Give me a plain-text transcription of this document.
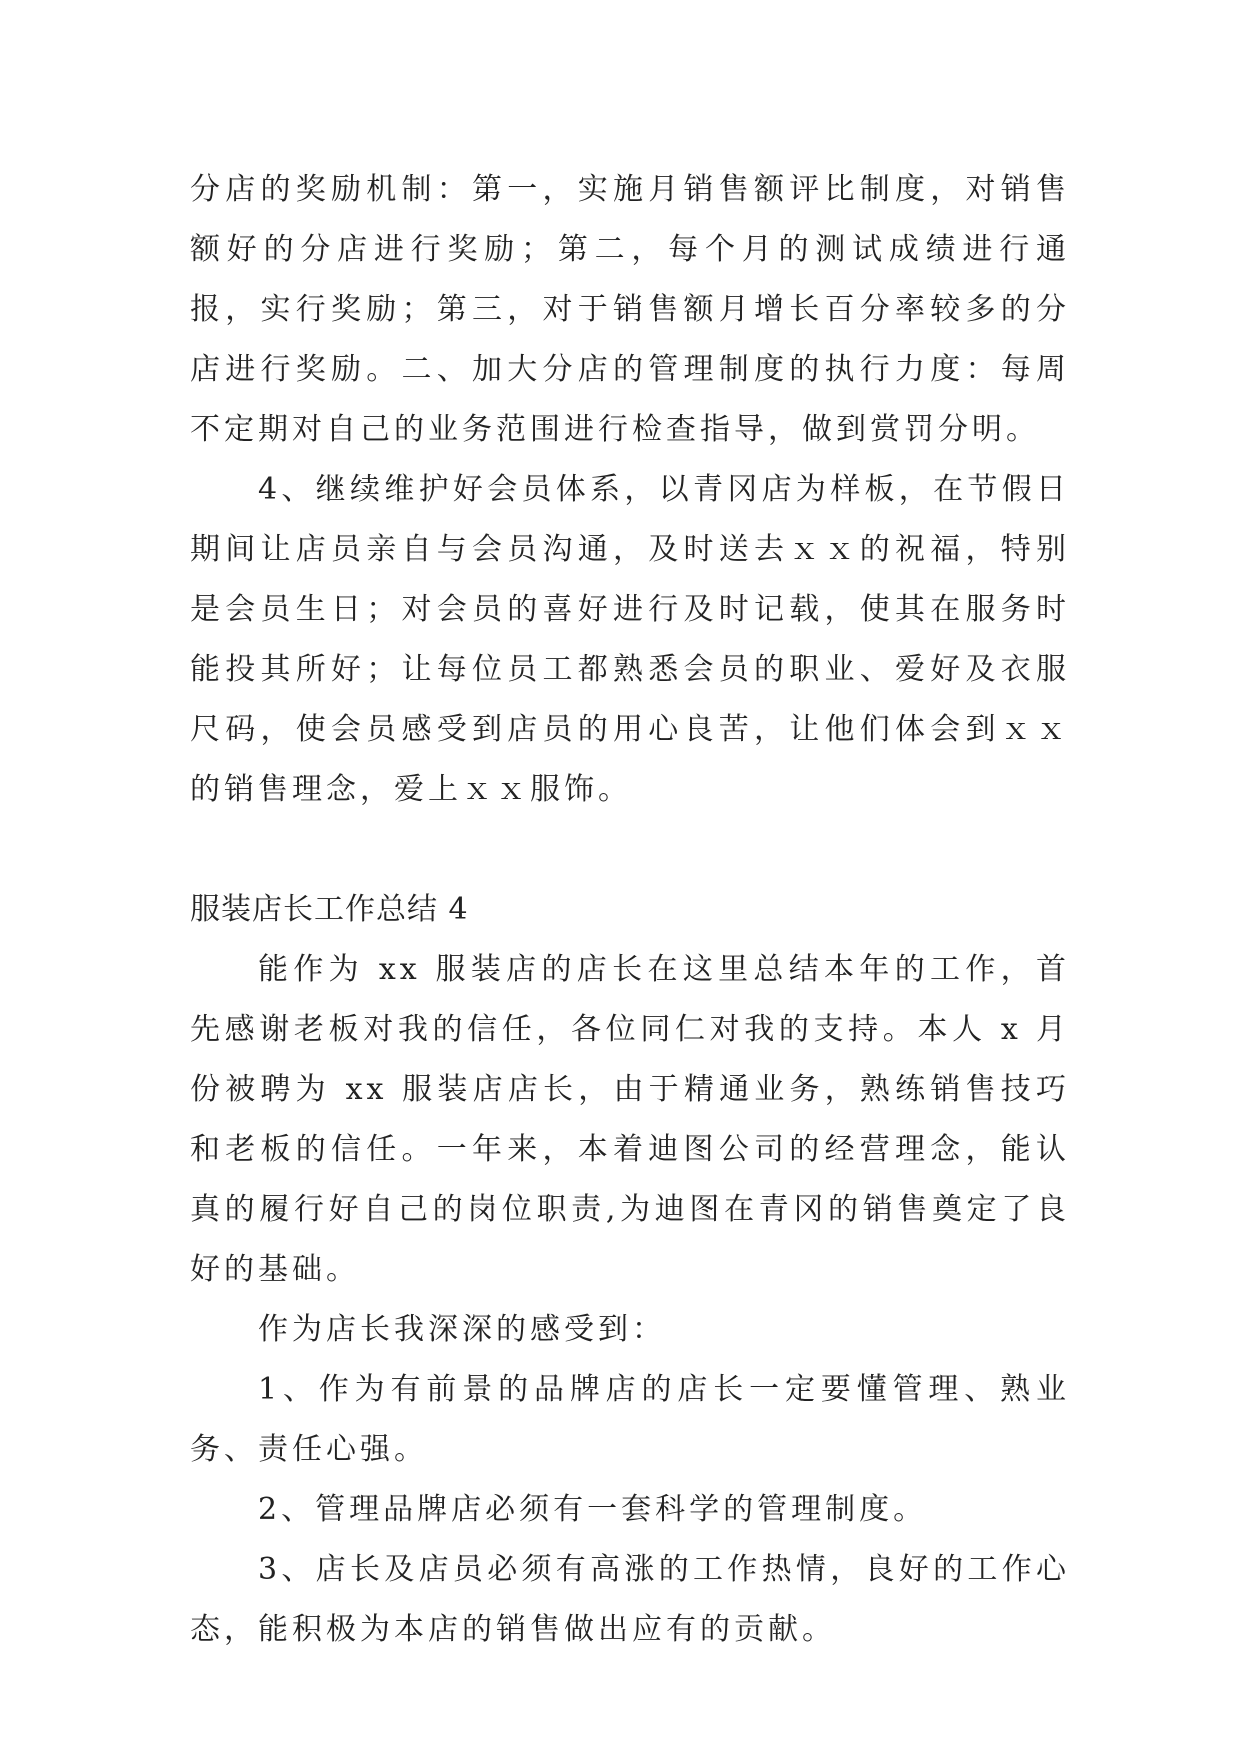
分店的奖励机制：第一，实施月销售额评比制度，对销售额好的分店进行奖励；第二，每个月的测试成绩进行通报，实行奖励；第三，对于销售额月增长百分率较多的分店进行奖励。二、加大分店的管理制度的执行力度：每周不定期对自己的业务范围进行检查指导，做到赏罚分明。

4、继续维护好会员体系，以青冈店为样板，在节假日期间让店员亲自与会员沟通，及时送去ｘｘ的祝福，特别是会员生日；对会员的喜好进行及时记载，使其在服务时能投其所好；让每位员工都熟悉会员的职业、爱好及衣服尺码，使会员感受到店员的用心良苦，让他们体会到ｘｘ的销售理念，爱上ｘｘ服饰。

服装店长工作总结 4

能作为 xx 服装店的店长在这里总结本年的工作，首先感谢老板对我的信任，各位同仁对我的支持。本人 x 月份被聘为 xx 服装店店长，由于精通业务，熟练销售技巧和老板的信任。一年来，本着迪图公司的经营理念，能认真的履行好自己的岗位职责,为迪图在青冈的销售奠定了良好的基础。

作为店长我深深的感受到：

1、作为有前景的品牌店的店长一定要懂管理、熟业务、责任心强。

2、管理品牌店必须有一套科学的管理制度。

3、店长及店员必须有高涨的工作热情，良好的工作心态，能积极为本店的销售做出应有的贡献。
